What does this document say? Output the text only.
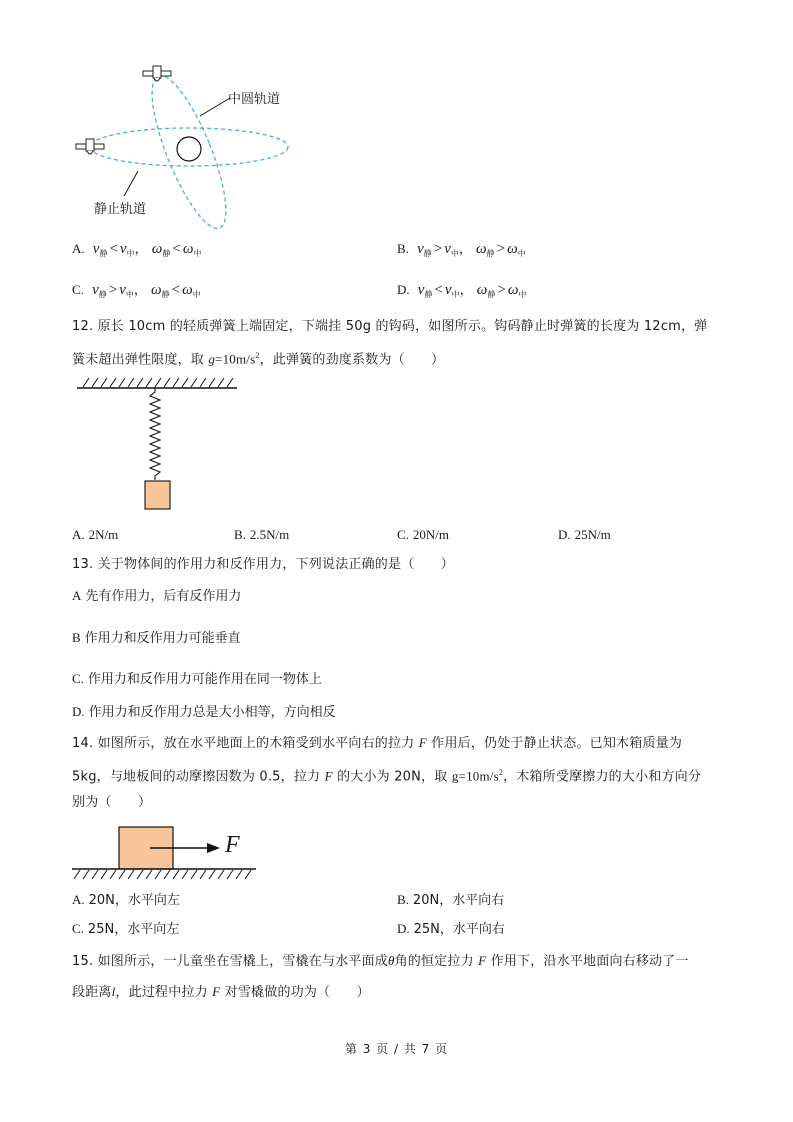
中圆轨道
静止轨道
A. $v_静 < v_中$， $\omega_静 < \omega_中$	B. $v_静 > v_中$， $\omega_静 > \omega_中$
C. $v_静 > v_中$， $\omega_静 < \omega_中$	D. $v_静 < v_中$， $\omega_静 > \omega_中$
12. 原长 10cm 的轻质弹簧上端固定，下端挂 50g 的钩码，如图所示。钩码静止时弹簧的长度为 12cm，弹
簧未超出弹性限度，取 $g=10m/s^2$，此弹簧的劲度系数为（　　）
A. 2N/m	B. 2.5N/m	C. 20N/m	D. 25N/m
13. 关于物体间的作用力和反作用力，下列说法正确的是（　　）
A 先有作用力，后有反作用力
B 作用力和反作用力可能垂直
C. 作用力和反作用力可能作用在同一物体上
D. 作用力和反作用力总是大小相等，方向相反
14. 如图所示，放在水平地面上的木箱受到水平向右的拉力 F 作用后，仍处于静止状态。已知木箱质量为
5kg，与地板间的动摩擦因数为 0.5，拉力 F 的大小为 20N，取 $g=10m/s^2$，木箱所受摩擦力的大小和方向分
别为（　　）
F
A. 20N，水平向左	B. 20N，水平向右
C. 25N，水平向左	D. 25N，水平向右
15. 如图所示，一儿童坐在雪橇上，雪橇在与水平面成θ角的恒定拉力 F 作用下，沿水平地面向右移动了一
段距离l，此过程中拉力 F 对雪橇做的功为（　　）
第 3 页 / 共 7 页
